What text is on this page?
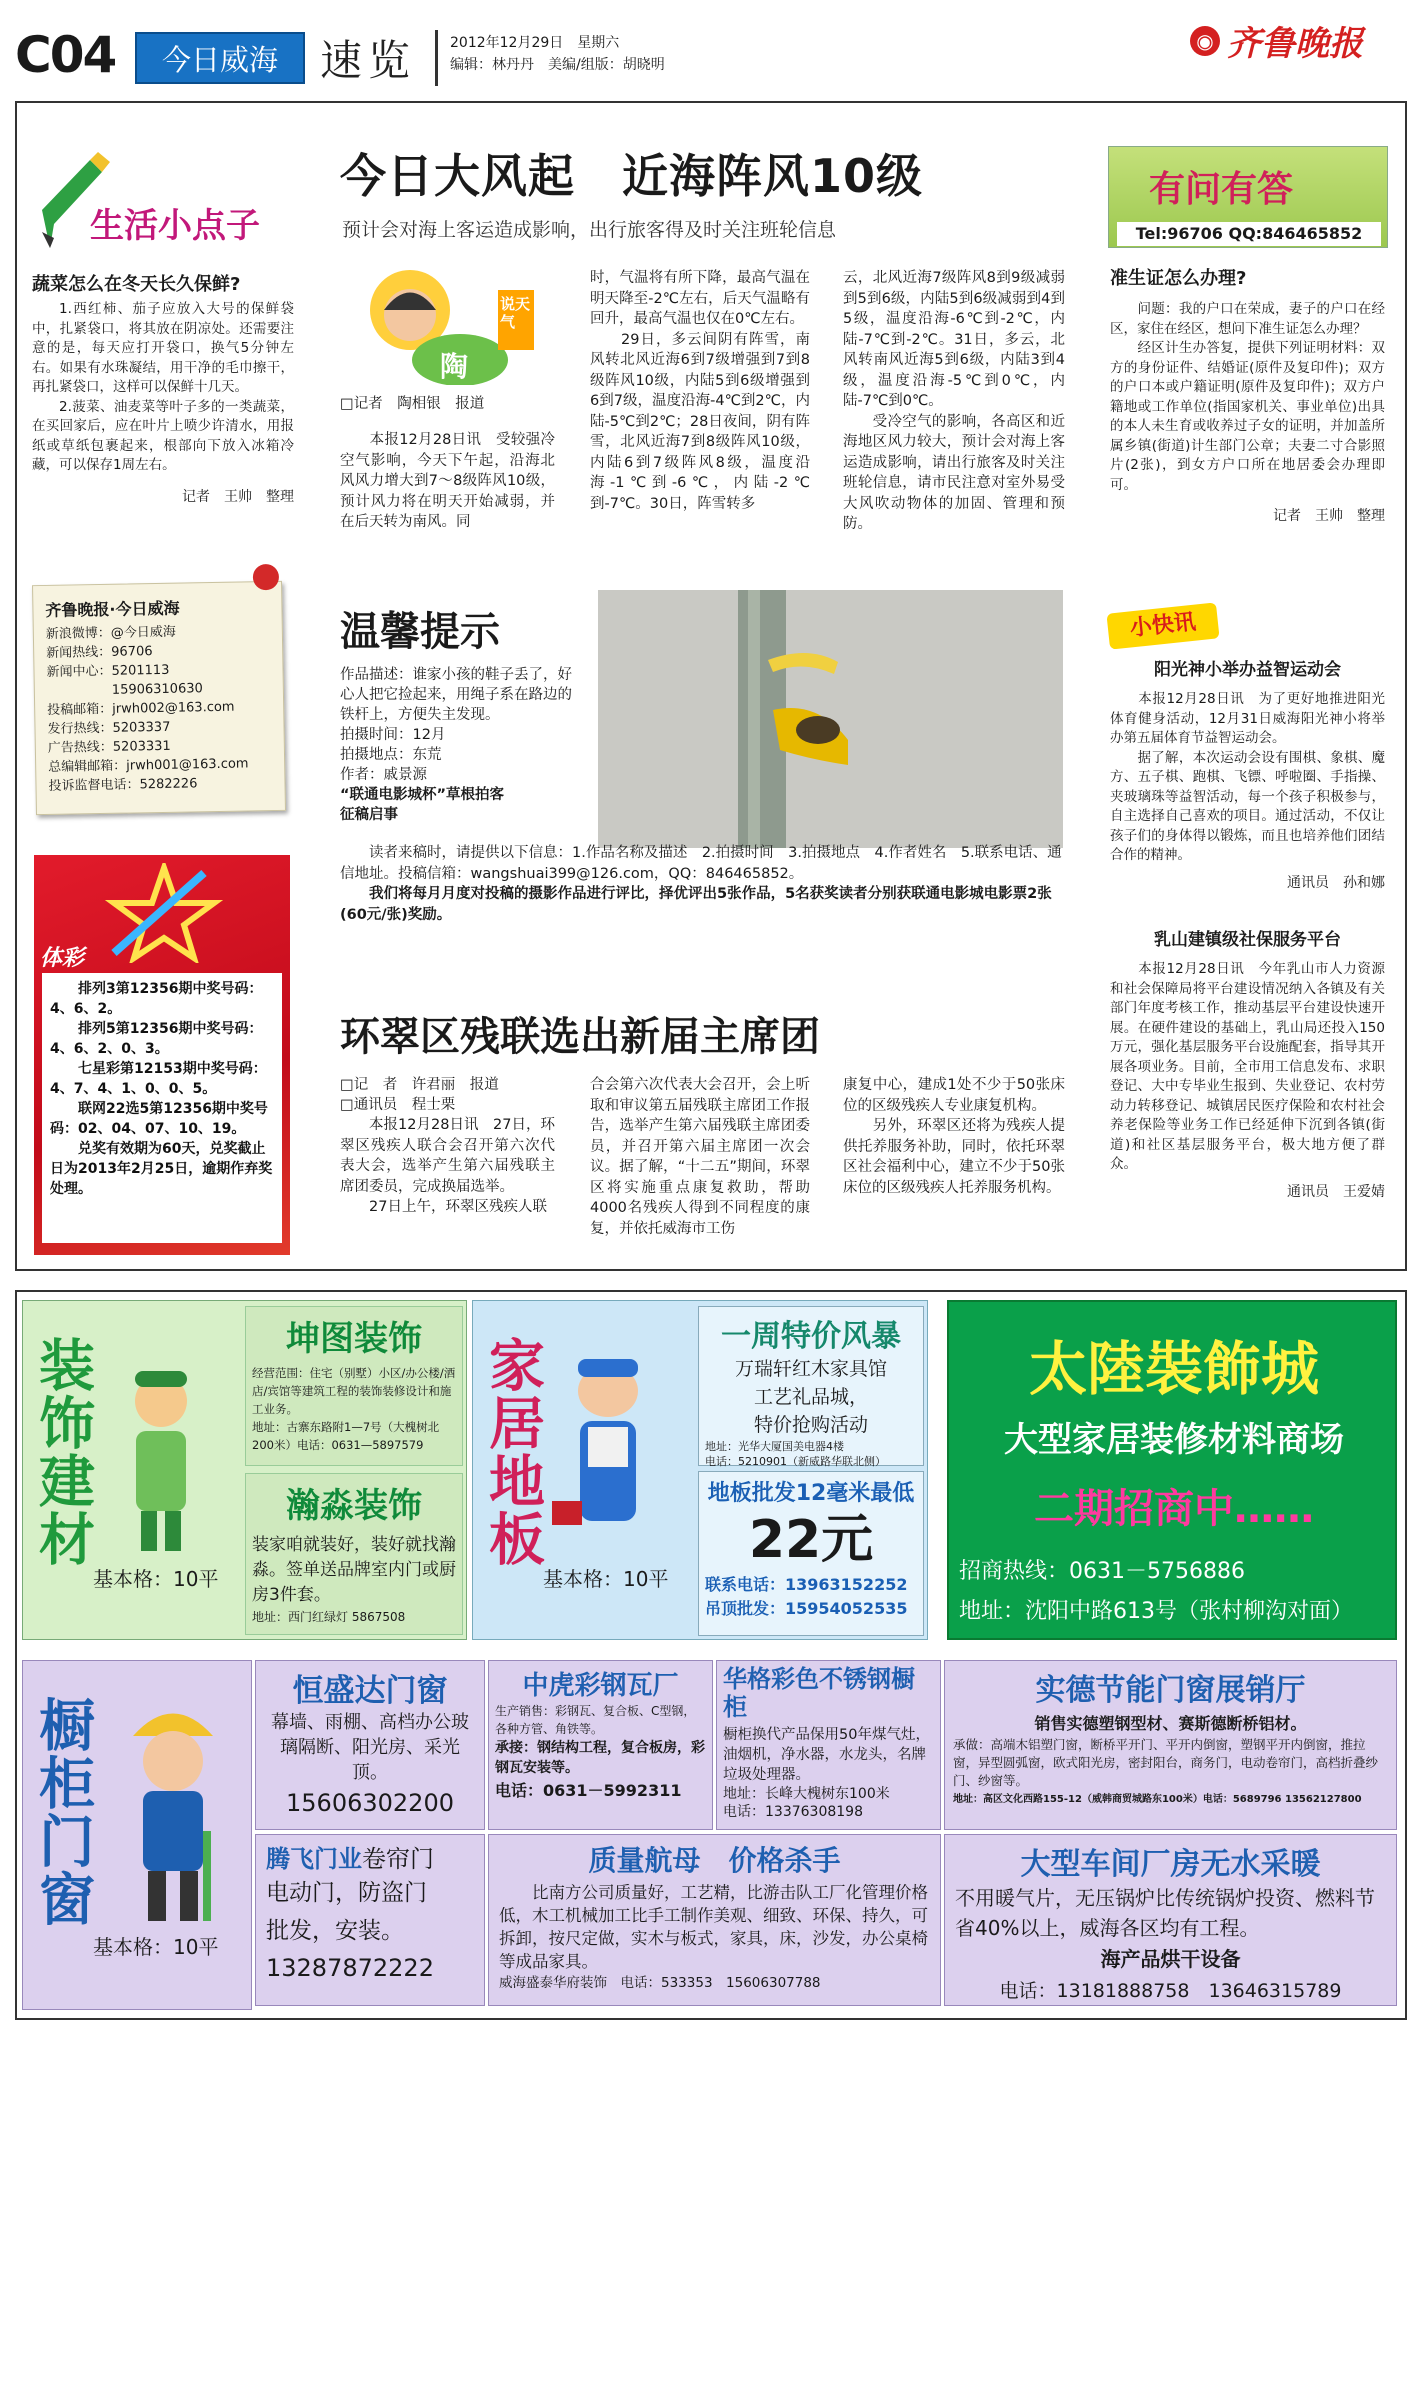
C04	今日威海	速览 2012年12月29日　星期六
编辑：林丹丹　美编/组版：胡晓明
◉ 齐鲁晚报
生活小点子
蔬菜怎么在冬天长久保鲜?

1.西红柿、茄子应放入大号的保鲜袋中，扎紧袋口，将其放在阴凉处。还需要注意的是，每天应打开袋口，换气5分钟左右。如果有水珠凝结，用干净的毛巾擦干，再扎紧袋口，这样可以保鲜十几天。

2.菠菜、油麦菜等叶子多的一类蔬菜，在买回家后，应在叶片上喷少许清水，用报纸或草纸包裹起来，根部向下放入冰箱冷藏，可以保存1周左右。

记者　王帅　整理

齐鲁晚报·今日威海
新浪微博：@今日威海
新闻热线：96706
新闻中心：5201113
　　　　　15906310630
投稿邮箱：jrwh002@163.com
发行热线：5203337
广告热线：5203331
总编辑邮箱：jrwh001@163.com
投诉监督电话：5282226
体彩

排列3第12356期中奖号码：4、6、2。

排列5第12356期中奖号码：4、6、2、0、3。

七星彩第12153期中奖号码：4、7、4、1、0、0、5。

联网22选5第12356期中奖号码：02、04、07、10、19。

兑奖有效期为60天，兑奖截止日为2013年2月25日，逾期作弃奖处理。

今日大风起　近海阵风10级
预计会对海上客运造成影响，出行旅客得及时关注班轮信息
说天气
陶
□记者　陶相银　报道
　　本报12月28日讯　受较强冷空气影响，今天下午起，沿海北风风力增大到7～8级阵风10级，预计风力将在明天开始减弱，并在后天转为南风。同
时，气温将有所下降，最高气温在明天降至-2℃左右，后天气温略有回升，最高气温也仅在0℃左右。
　　29日，多云间阴有阵雪，南风转北风近海6到7级增强到7到8级阵风10级，内陆5到6级增强到6到7级，温度沿海-4℃到2℃，内陆-5℃到2℃；28日夜间，阴有阵雪，北风近海7到8级阵风10级，内陆6到7级阵风8级，温度沿海-1℃到-6℃，内陆-2℃到-7℃。30日，阵雪转多
云，北风近海7级阵风8到9级减弱到5到6级，内陆5到6级减弱到4到5级，温度沿海-6℃到-2℃，内陆-7℃到-2℃。31日，多云，北风转南风近海5到6级，内陆3到4级，温度沿海-5℃到0℃，内陆-7℃到0℃。
　　受冷空气的影响，各高区和近海地区风力较大，预计会对海上客运造成影响，请出行旅客及时关注班轮信息，请市民注意对室外易受大风吹动物体的加固、管理和预防。
温馨提示

作品描述：谁家小孩的鞋子丢了，好心人把它捡起来，用绳子系在路边的铁杆上，方便失主发现。

拍摄时间：12月

拍摄地点：东荒

作者：戚景源

“联通电影城杯”草根拍客

征稿启事

　　读者来稿时，请提供以下信息：1.作品名称及描述　2.拍摄时间　3.拍摄地点　4.作者姓名　5.联系电话、通信地址。投稿信箱：wangshuai399@126.com，QQ：846465852。

　　我们将每月月度对投稿的摄影作品进行评比，择优评出5张作品，5名获奖读者分别获联通电影城电影票2张(60元/张)奖励。

环翠区残联选出新届主席团
□记　者　许君丽　报道
□通讯员　程士栗
　　本报12月28日讯　27日，环翠区残疾人联合会召开第六次代表大会，选举产生第六届残联主席团委员，完成换届选举。
　　27日上午，环翠区残疾人联
合会第六次代表大会召开，会上听取和审议第五届残联主席团工作报告，选举产生第六届残联主席团委员，并召开第六届主席团一次会议。据了解，“十二五”期间，环翠区将实施重点康复救助，帮助4000名残疾人得到不同程度的康复，并依托威海市工伤
康复中心，建成1处不少于50张床位的区级残疾人专业康复机构。
　　另外，环翠区还将为残疾人提供托养服务补助，同时，依托环翠区社会福利中心，建立不少于50张床位的区级残疾人托养服务机构。
有问有答
Tel:96706 QQ:846465852
准生证怎么办理?

　　问题：我的户口在荣成，妻子的户口在经区，家住在经区，想问下准生证怎么办理？

　　经区计生办答复，提供下列证明材料：双方的身份证件、结婚证(原件及复印件)；双方的户口本或户籍证明(原件及复印件)；双方户籍地或工作单位(指国家机关、事业单位)出具的本人未生育或收养过子女的证明，并加盖所属乡镇(街道)计生部门公章；夫妻二寸合影照片(2张)，到女方户口所在地居委会办理即可。

记者　王帅　整理

小快讯
阳光神小举办益智运动会

　　本报12月28日讯　为了更好地推进阳光体育健身活动，12月31日威海阳光神小将举办第五届体育节益智运动会。
　　据了解，本次运动会设有围棋、象棋、魔方、五子棋、跑棋、飞镖、呼啦圈、手指操、夹玻璃珠等益智活动，每一个孩子积极参与，自主选择自己喜欢的项目。通过活动，不仅让孩子们的身体得以锻炼，而且也培养他们团结合作的精神。

通讯员　孙和娜

乳山建镇级社保服务平台

　　本报12月28日讯　今年乳山市人力资源和社会保障局将平台建设情况纳入各镇及有关部门年度考核工作，推动基层平台建设快速开展。在硬件建设的基础上，乳山局还投入150万元，强化基层服务平台设施配套，指导其开展各项业务。目前，全市用工信息发布、求职登记、大中专毕业生报到、失业登记、农村劳动力转移登记、城镇居民医疗保险和农村社会养老保险等业务工作已经延伸下沉到各镇(街道)和社区基层服务平台，极大地方便了群众。

通讯员　王爱婧

装饰建材
基本格：10平
坤图装饰

经营范围：住宅（别墅）小区/办公楼/酒店/宾馆等建筑工程的装饰装修设计和施工业务。

地址：古寨东路附1—7号（大槐树北200米）电话：0631—5897579

瀚淼装饰

装家咱就装好，装好就找瀚淼。签单送品牌室内门或厨房3件套。

地址：西门红绿灯 5867508

家居地板
基本格：10平
一周特价风暴

万瑞轩红木家具馆
工艺礼品城，
特价抢购活动

地址：光华大厦国美电器4楼
电话：5210901（新威路华联北侧）

地板批发12毫米最低
22元

联系电话：13963152252

吊顶批发：15954052535

太陸裝飾城
大型家居装修材料商场
二期招商中……
招商热线：0631－5756886
地址：沈阳中路613号（张村柳沟对面）
橱柜门窗
基本格：10平
恒盛达门窗

幕墙、雨棚、高档办公玻璃隔断、阳光房、采光顶。

15606302200

中虎彩钢瓦厂

生产销售：彩钢瓦、复合板、C型钢，各种方管、角铁等。

承接：钢结构工程，复合板房，彩钢瓦安装等。

电话：0631－5992311

华格彩色不锈钢橱柜

橱柜换代产品保用50年煤气灶，油烟机，净水器，水龙头，名牌垃圾处理器。

地址：长峰大槐树东100米

电话：13376308198

实德节能门窗展销厅

销售实德塑钢型材、赛斯德断桥铝材。

承做：高端木铝塑门窗，断桥平开门、平开内倒窗，塑钢平开内倒窗，推拉窗，异型圆弧窗，欧式阳光房，密封阳台，商务门，电动卷帘门，高档折叠纱门、纱窗等。

地址：高区文化西路155-12（威韩商贸城路东100米）电话：5689796 13562127800

腾飞门业卷帘门

电动门，防盗门
批发，安装。

13287872222

质量航母　价格杀手

　　比南方公司质量好，工艺精，比游击队工厂化管理价格低，木工机械加工比手工制作美观、细致、环保、持久，可拆卸，按尺定做，实木与板式，家具，床，沙发，办公桌椅等成品家具。

威海盛泰华府装饰　电话：533353　15606307788

大型车间厂房无水采暖

不用暖气片，无压锅炉比传统锅炉投资、燃料节省40%以上，威海各区均有工程。

海产品烘干设备

电话：13181888758　13646315789
